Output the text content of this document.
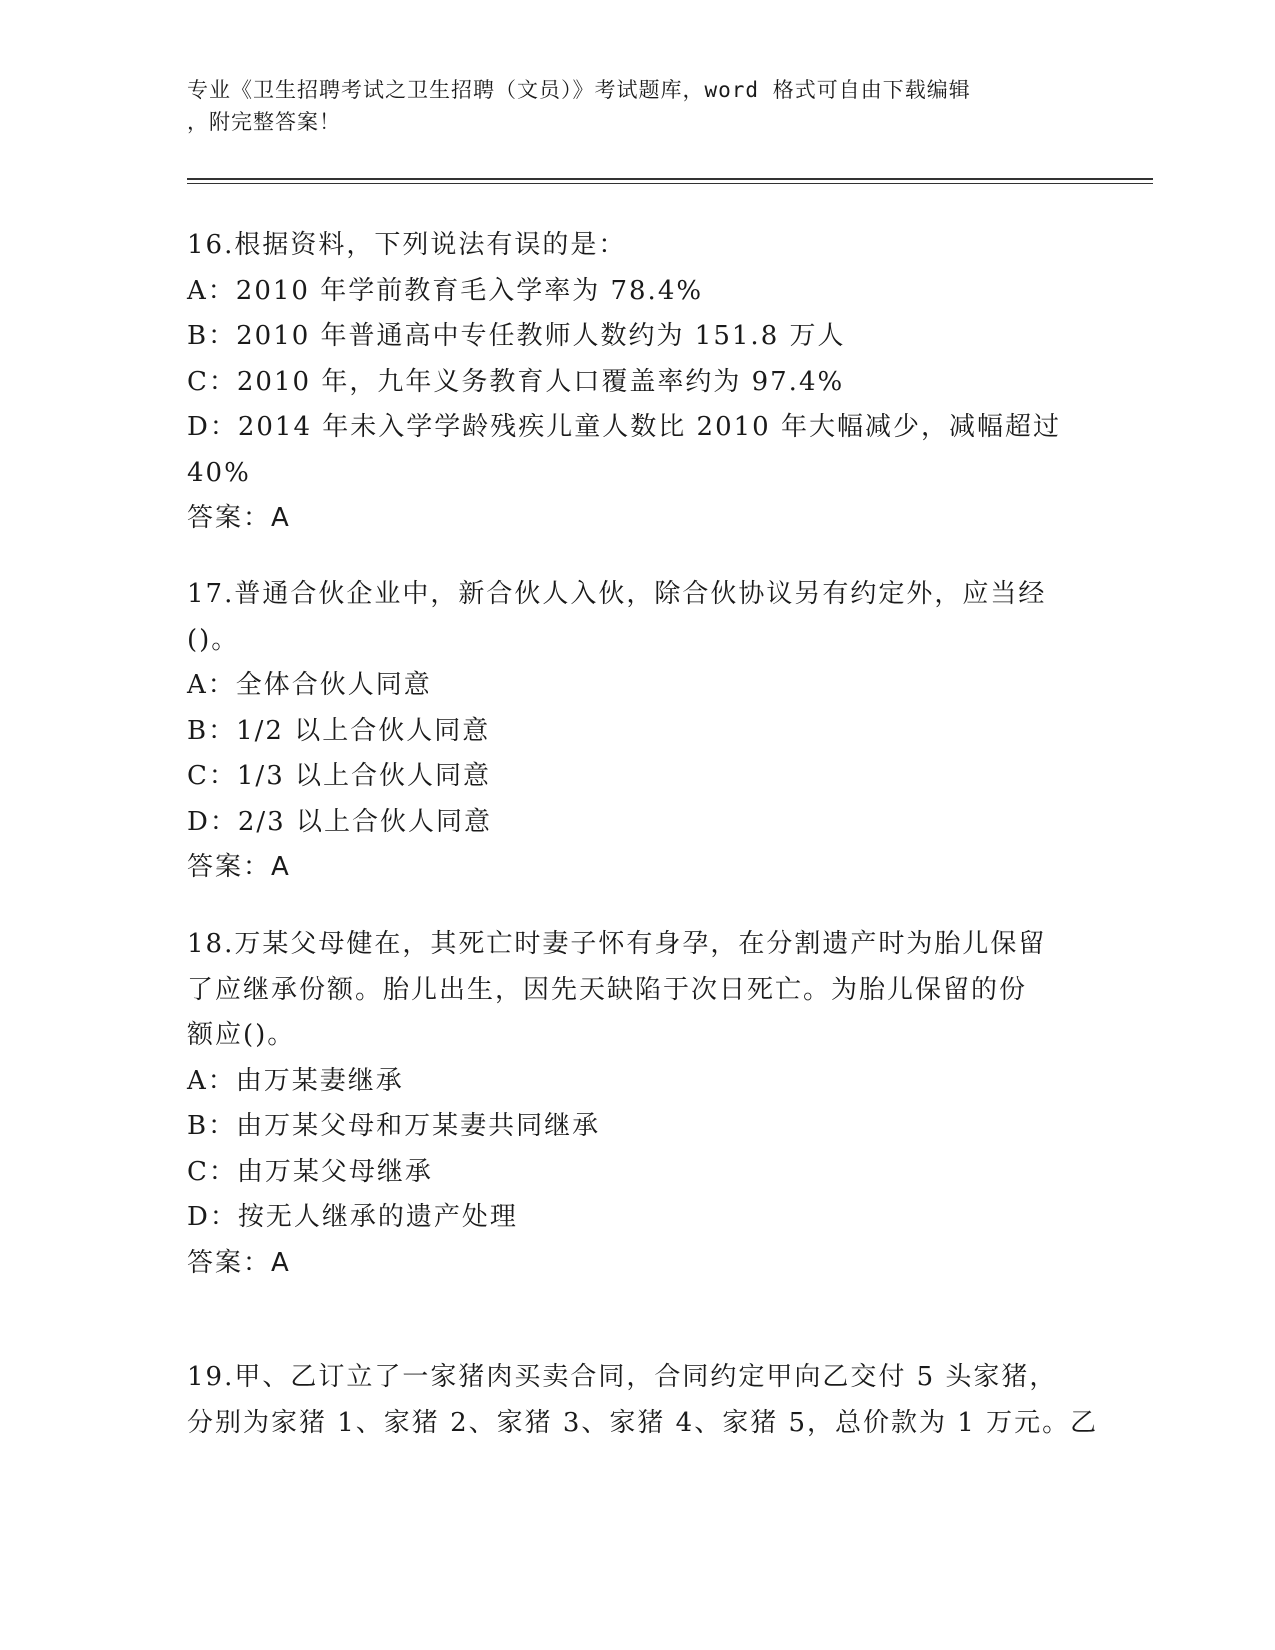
专业《卫生招聘考试之卫生招聘（文员）》考试题库，word 格式可自由下载编辑
，附完整答案！
16.根据资料，下列说法有误的是：
A：2010 年学前教育毛入学率为 78.4%
B：2010 年普通高中专任教师人数约为 151.8 万人
C：2010 年，九年义务教育人口覆盖率约为 97.4%
D：2014 年未入学学龄残疾儿童人数比 2010 年大幅减少，减幅超过
40%
答案：A
17.普通合伙企业中，新合伙人入伙，除合伙协议另有约定外，应当经
()。
A：全体合伙人同意
B：1/2 以上合伙人同意
C：1/3 以上合伙人同意
D：2/3 以上合伙人同意
答案：A
18.万某父母健在，其死亡时妻子怀有身孕，在分割遗产时为胎儿保留
了应继承份额。胎儿出生，因先天缺陷于次日死亡。为胎儿保留的份
额应()。
A：由万某妻继承
B：由万某父母和万某妻共同继承
C：由万某父母继承
D：按无人继承的遗产处理
答案：A
19.甲、乙订立了一家猪肉买卖合同，合同约定甲向乙交付 5 头家猪，
分别为家猪 1、家猪 2、家猪 3、家猪 4、家猪 5，总价款为 1 万元。乙
